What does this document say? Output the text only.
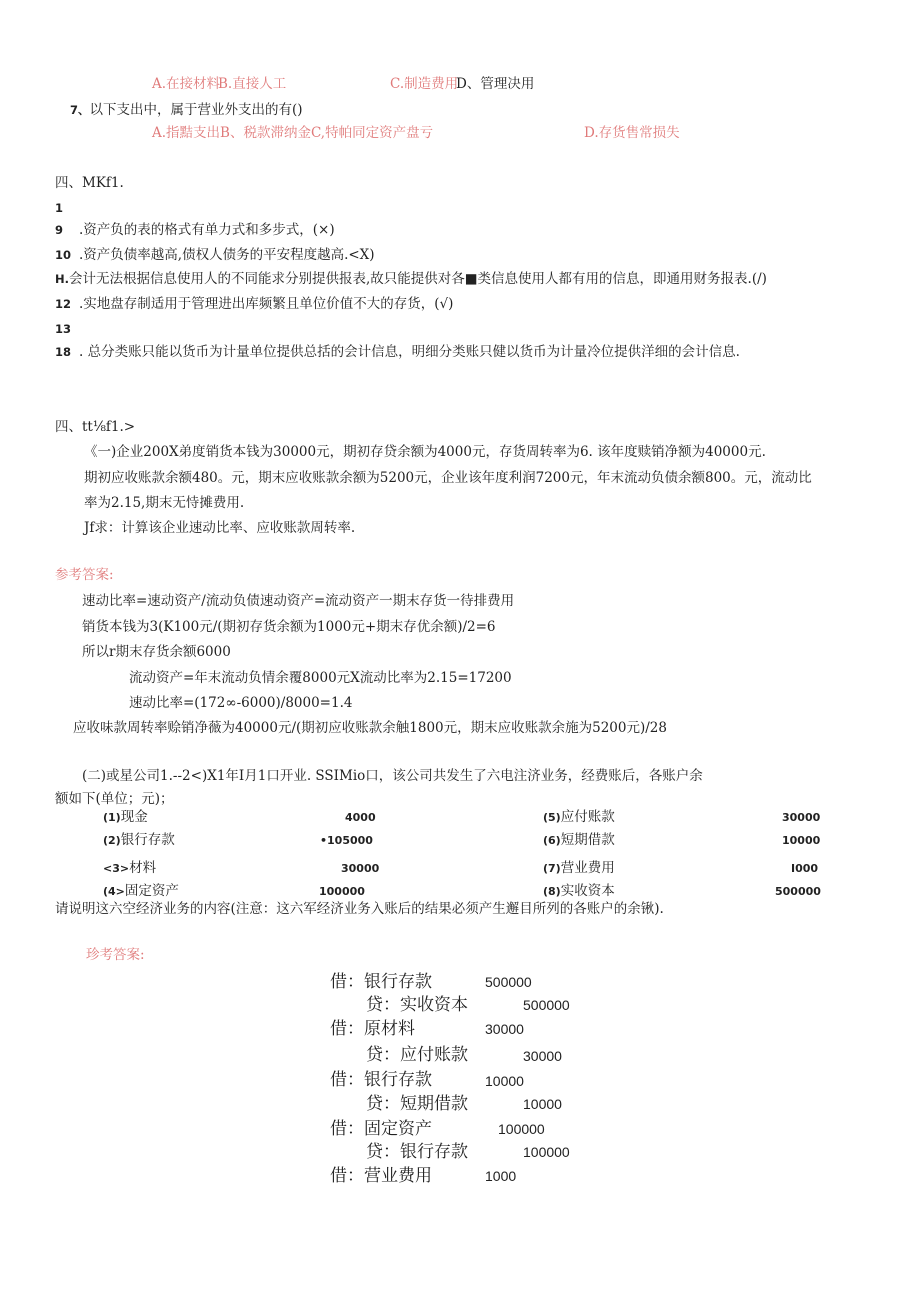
A.在接材料
B.直接人工	C.制造费用
D、管理决用
7、以下支出中，属于营业外支出的有()
A.指黠支出B、税款滞纳金C,特帕同定资产盘亏	D.存货售常损失
四、MKf1.
1
9 .资产负的表的格式有单力式和多步式，(×)
10 .资产负债率越高,债权人债务的平安程度越高.<X)
H.会计无法根据信息使用人的不同能求分别提供报表,故只能提供对各■类信息使用人都有用的信息，即通用财务报表.(/)
12 .实地盘存制适用于管理进出库频繁且单位价值不大的存货，(√)
13
18 . 总分类账只能以货币为计量单位提供总括的会计信息，明细分类账只健以货币为计量冷位提供洋细的会计信息.
四、tt⅛f1.>
《一)企业200X弟度销货本钱为30000元，期初存贷余额为4000元，存货周转率为6. 该年度赎销净额为40000元.
期初应收账款余额480。元，期末应收账款余额为5200元，企业该年度利润7200元，年末流动负债余额800。元，流动比
率为2.15,期末无恃摊费用.
Jf求：计算该企业速动比率、应收账款周转率.
参考答案:
速动比率=速动资产/流动负债速动资产=流动资产一期末存货一待排费用
销货本钱为3(K100元/(期初存货余额为1000元+期末存优余额)/2=6
所以r期末存货余额6000
流动资产=年末流动负情余覆8000元X流动比率为2.15=17200
速动比率=(172∞-6000)/8000=1.4
应收味款周转率赊销净薇为40000元/(期初应收账款余触1800元，期末应收账款余施为5200元)/28
(二)或星公司1.--2<)X1年I月1口开业. SSIMio口，该公司共发生了六电注济业务，经费账后，各账户余
额如下(单位；元)；
(1)现金	4000
(2)银行存款	•105000
<3>材料	30000
(4>固定资产	100000
(5)应付账款	30000
(6)短期借款	10000
(7)营业费用	I000
(8)实收资本	500000
请说明这六空经济业务的内容(注意：这六军经济业务入账后的结果必须产生邂目所列的各账户的余锹).
珍考答案:
借：银行存款	500000
贷：实收资本	500000
借：原材料	30000
贷：应付账款	30000
借：银行存款	10000
贷：短期借款	10000
借：固定资产	100000
贷：银行存款	100000
借：营业费用	1000
